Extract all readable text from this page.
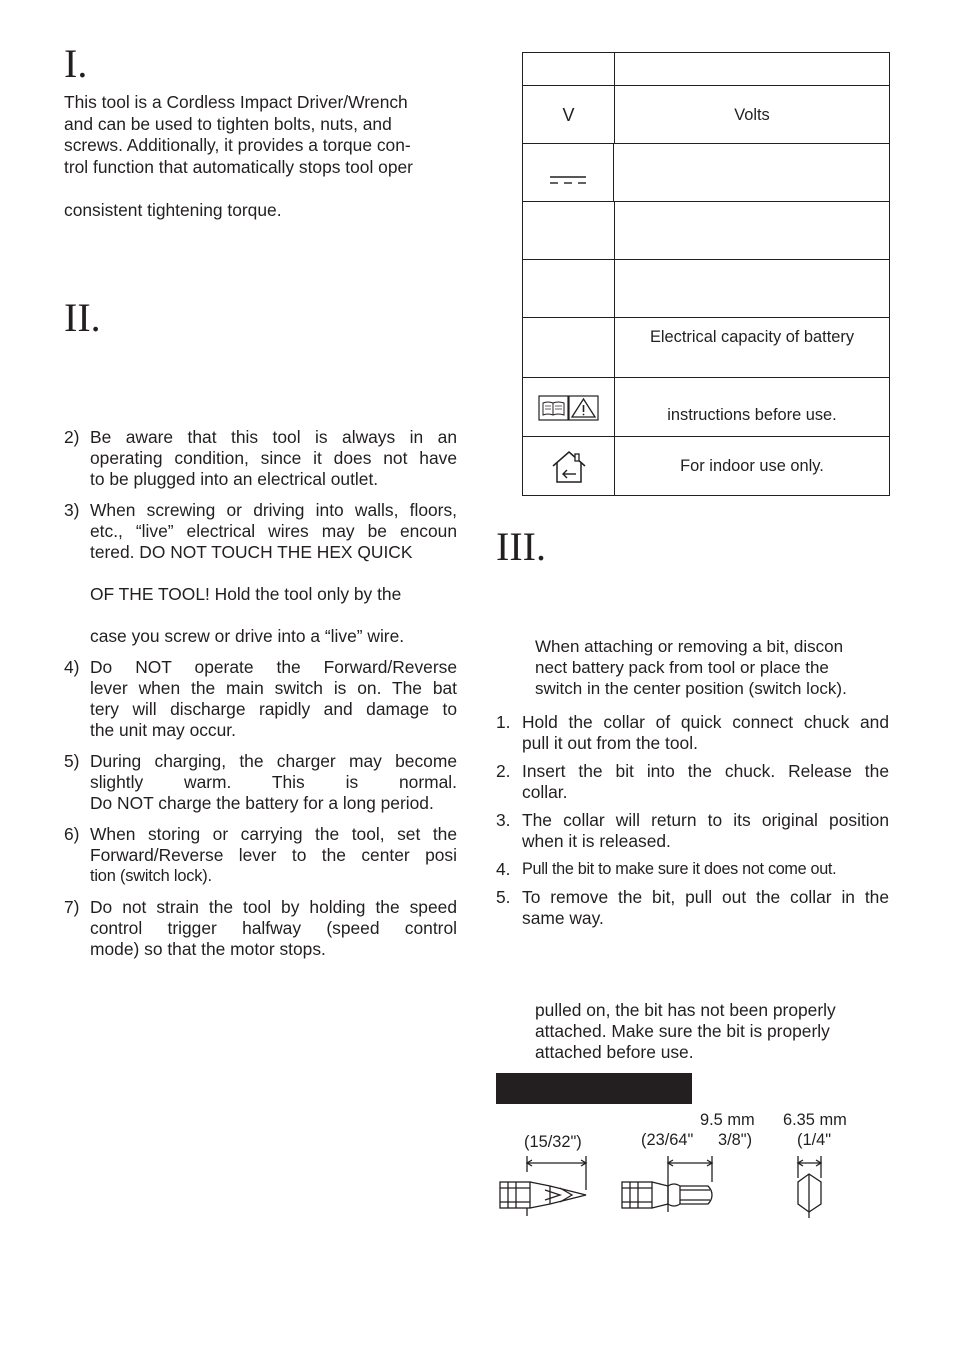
I.
This tool is a Cordless Impact Driver/Wrench
and can be used to tighten bolts, nuts, and
screws. Additionally, it provides a torque con-
trol function that automatically stops tool oper
consistent tightening torque.
II.
2) Be aware that this tool is always in an
operating condition, since it does not have
to be plugged into an electrical outlet.
3) When screwing or driving into walls, floors,
etc., “live” electrical wires may be encoun
tered. DO NOT TOUCH THE HEX QUICK
OF THE TOOL! Hold the tool only by the
case you screw or drive into a “live” wire.
4) Do NOT operate the Forward/Reverse
lever when the main switch is on. The bat
tery will discharge rapidly and damage to
the unit may occur.
5) During charging, the charger may become
slightly warm. This is normal.
Do NOT charge the battery for a long period.
6) When storing or carrying the tool, set the
Forward/Reverse lever to the center posi
tion (switch lock).
7) Do not strain the tool by holding the speed
control trigger halfway (speed control
mode) so that the motor stops.
V	Volts
Electrical capacity of battery
instructions before use.
For indoor use only.
III.
When attaching or removing a bit, discon
nect battery pack from tool or place the
switch in the center position (switch lock).
1. Hold the collar of quick connect chuck and
pull it out from the tool.
2. Insert the bit into the chuck. Release the
collar.
3. The collar will return to its original position
when it is released.
4. Pull the bit to make sure it does not come out.
5. To remove the bit, pull out the collar in the
same way.
pulled on, the bit has not been properly
attached. Make sure the bit is properly
attached before use.
(15/32")	(23/64"
9.5 mm
3/8")
6.35 mm
(1/4"
